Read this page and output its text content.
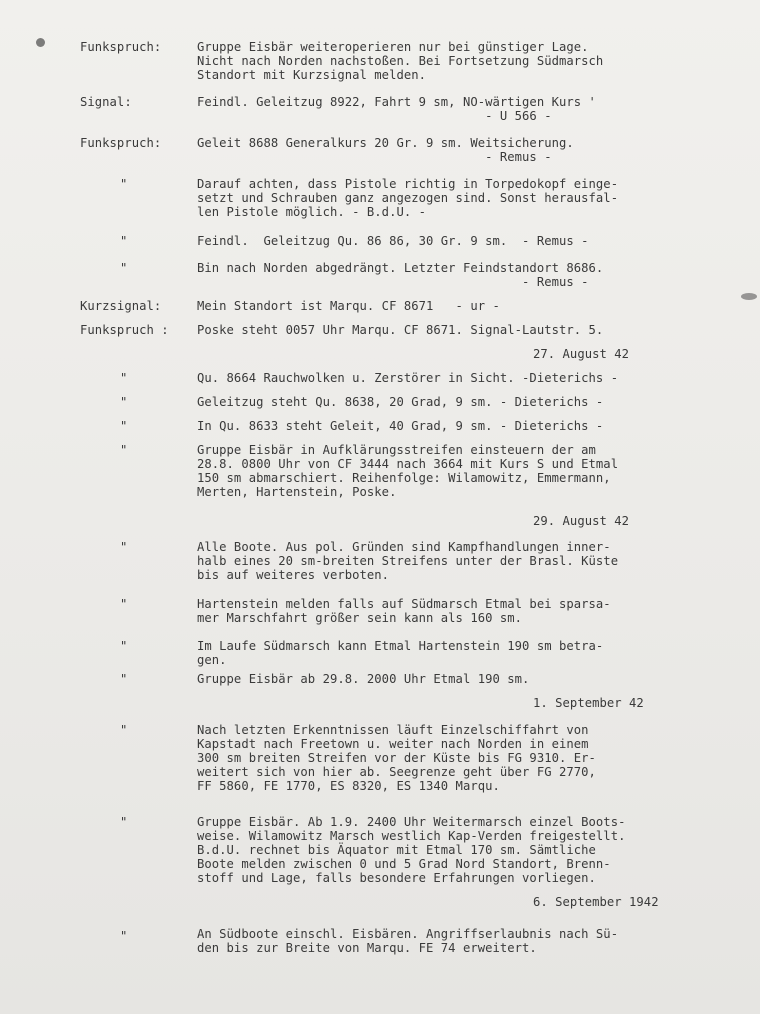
Funkspruch:	Gruppe Eisbär weiteroperieren nur bei günstiger Lage.
Nicht nach Norden nachstoßen. Bei Fortsetzung Südmarsch
Standort mit Kurzsignal melden.
Signal:	Feindl. Geleitzug 8922, Fahrt 9 sm, NO-wärtigen Kurs '
- U 566 -
Funkspruch:	Geleit 8688 Generalkurs 20 Gr. 9 sm. Weitsicherung.
- Remus -
"	Darauf achten, dass Pistole richtig in Torpedokopf einge-
setzt und Schrauben ganz angezogen sind. Sonst herausfal-
len Pistole möglich. - B.d.U. -
"	Feindl.  Geleitzug Qu. 86 86, 30 Gr. 9 sm.  - Remus -
"	Bin nach Norden abgedrängt. Letzter Feindstandort 8686.
- Remus -
Kurzsignal:	Mein Standort ist Marqu. CF 8671   - ur -
Funkspruch : Poske steht 0057 Uhr Marqu. CF 8671. Signal-Lautstr. 5.
27. August 42
"	Qu. 8664 Rauchwolken u. Zerstörer in Sicht. -Dieterichs -
"	Geleitzug steht Qu. 8638, 20 Grad, 9 sm. - Dieterichs -
"	In Qu. 8633 steht Geleit, 40 Grad, 9 sm. - Dieterichs -
"	Gruppe Eisbär in Aufklärungsstreifen einsteuern der am
28.8. 0800 Uhr von CF 3444 nach 3664 mit Kurs S und Etmal
150 sm abmarschiert. Reihenfolge: Wilamowitz, Emmermann,
Merten, Hartenstein, Poske.
29. August 42
"	Alle Boote. Aus pol. Gründen sind Kampfhandlungen inner-
halb eines 20 sm-breiten Streifens unter der Brasl. Küste
bis auf weiteres verboten.
"	Hartenstein melden falls auf Südmarsch Etmal bei sparsa-
mer Marschfahrt größer sein kann als 160 sm.
"	Im Laufe Südmarsch kann Etmal Hartenstein 190 sm betra-
gen.
"	Gruppe Eisbär ab 29.8. 2000 Uhr Etmal 190 sm.
1. September 42
"	Nach letzten Erkenntnissen läuft Einzelschiffahrt von
Kapstadt nach Freetown u. weiter nach Norden in einem
300 sm breiten Streifen vor der Küste bis FG 9310. Er-
weitert sich von hier ab. Seegrenze geht über FG 2770,
FF 5860, FE 1770, ES 8320, ES 1340 Marqu.
"	Gruppe Eisbär. Ab 1.9. 2400 Uhr Weitermarsch einzel Boots-
weise. Wilamowitz Marsch westlich Kap-Verden freigestellt.
B.d.U. rechnet bis Äquator mit Etmal 170 sm. Sämtliche
Boote melden zwischen 0 und 5 Grad Nord Standort, Brenn-
stoff und Lage, falls besondere Erfahrungen vorliegen.
6. September 1942
"	An Südboote einschl. Eisbären. Angriffserlaubnis nach Sü-
den bis zur Breite von Marqu. FE 74 erweitert.
